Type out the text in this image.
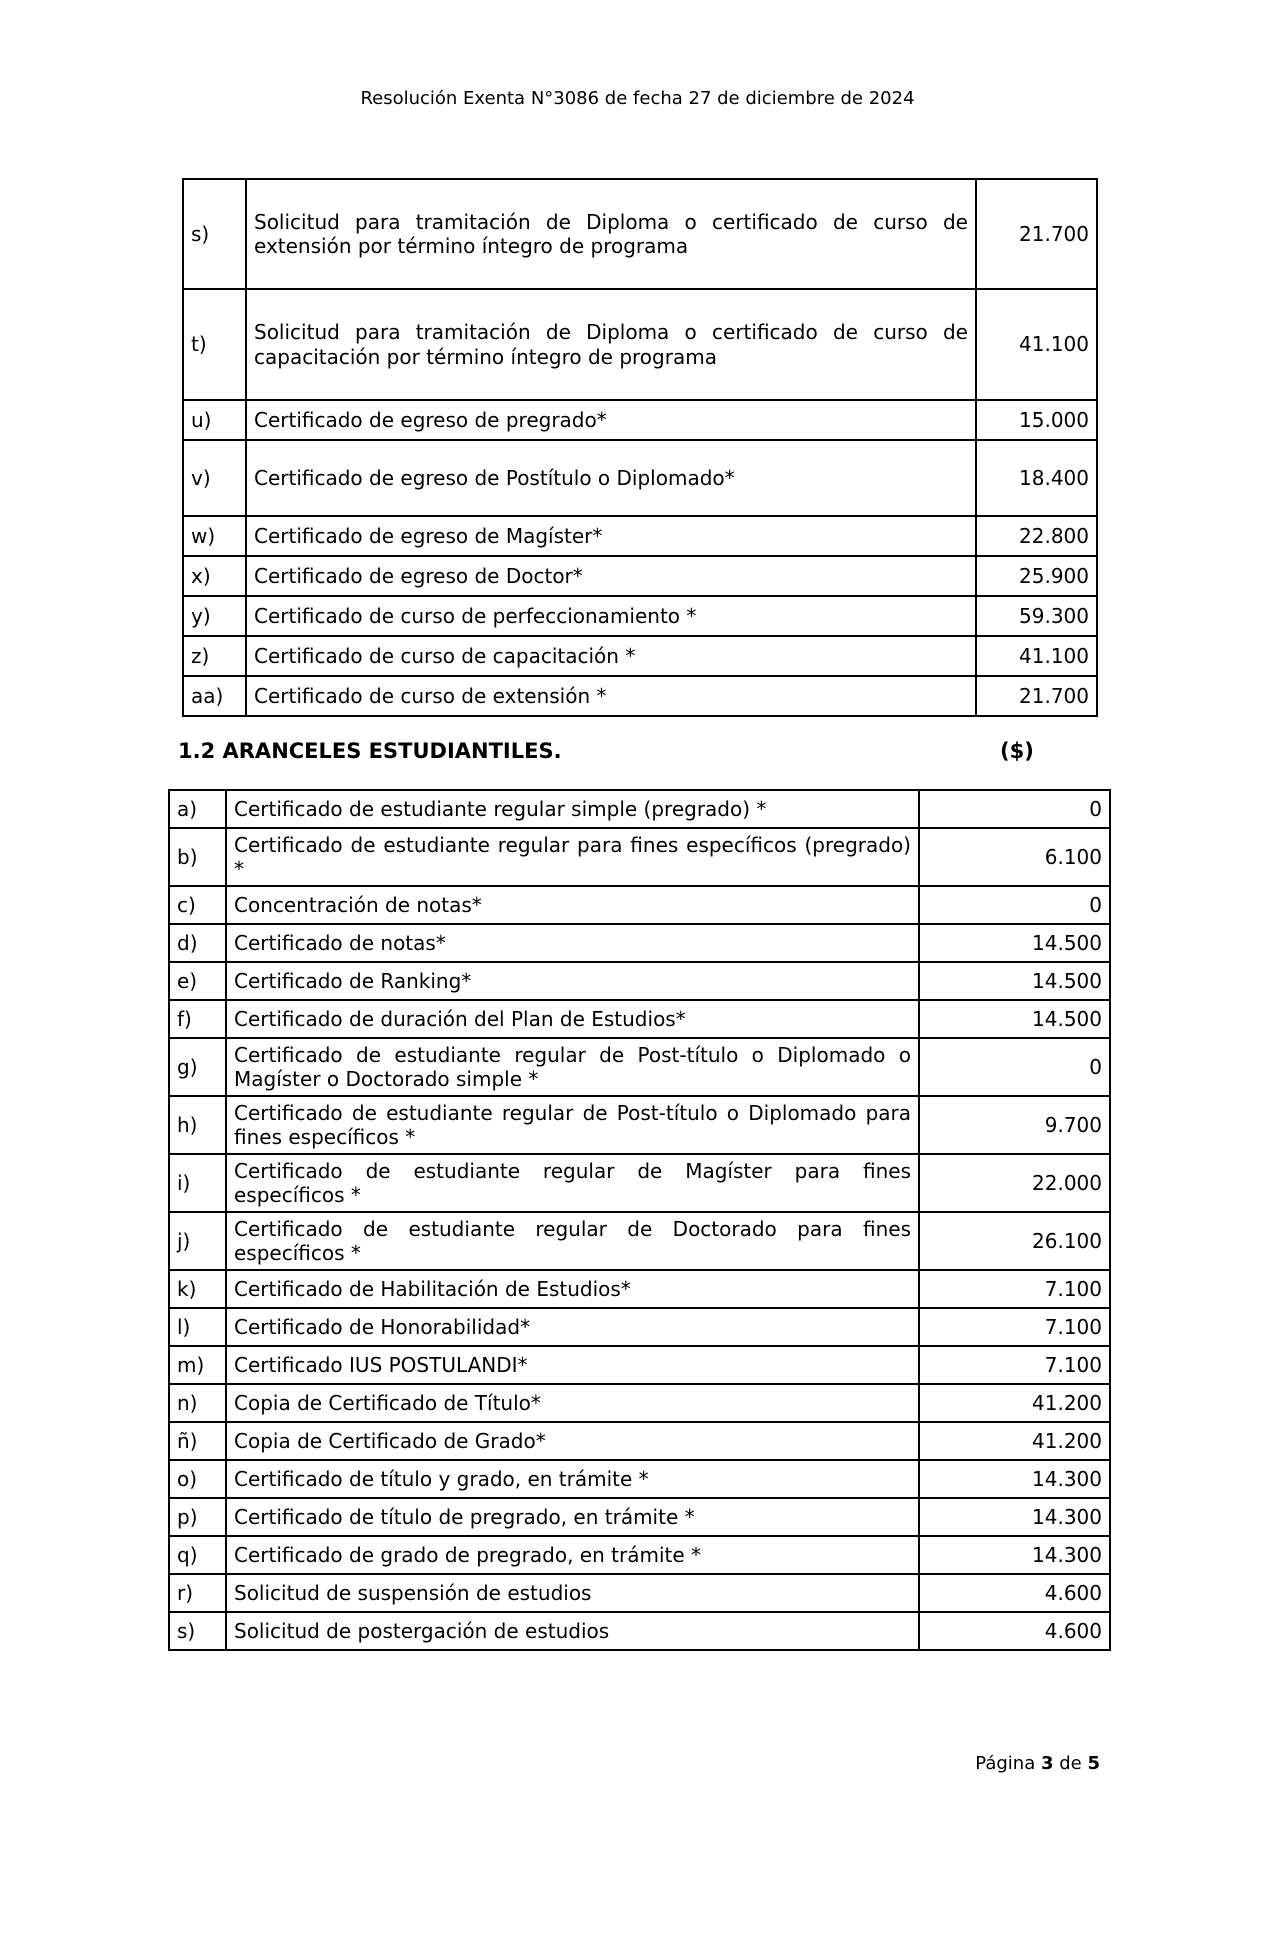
Resolución Exenta N°3086 de fecha 27 de diciembre de 2024
s)	Solicitud para tramitación de Diploma o certificado de curso de extensión por término íntegro de programa	21.700
t)	Solicitud para tramitación de Diploma o certificado de curso de capacitación por término íntegro de programa	41.100
u)	Certificado de egreso de pregrado*	15.000
v)	Certificado de egreso de Postítulo o Diplomado*	18.400
w)	Certificado de egreso de Magíster*	22.800
x)	Certificado de egreso de Doctor*	25.900
y)	Certificado de curso de perfeccionamiento *	59.300
z)	Certificado de curso de capacitación *	41.100
aa)	Certificado de curso de extensión *	21.700
1.2 ARANCELES ESTUDIANTILES.	($)
a)	Certificado de estudiante regular simple (pregrado) *	0
b)	Certificado de estudiante regular para fines específicos (pregrado) *	6.100
c)	Concentración de notas*	0
d)	Certificado de notas*	14.500
e)	Certificado de Ranking*	14.500
f)	Certificado de duración del Plan de Estudios*	14.500
g)	Certificado de estudiante regular de Post-título o Diplomado o Magíster o Doctorado simple *	0
h)	Certificado de estudiante regular de Post-título o Diplomado para fines específicos *	9.700
i)	Certificado de estudiante regular de Magíster para fines específicos *	22.000
j)	Certificado de estudiante regular de Doctorado para fines específicos *	26.100
k)	Certificado de Habilitación de Estudios*	7.100
l)	Certificado de Honorabilidad*	7.100
m)	Certificado IUS POSTULANDI*	7.100
n)	Copia de Certificado de Título*	41.200
ñ)	Copia de Certificado de Grado*	41.200
o)	Certificado de título y grado, en trámite *	14.300
p)	Certificado de título de pregrado, en trámite *	14.300
q)	Certificado de grado de pregrado, en trámite *	14.300
r)	Solicitud de suspensión de estudios	4.600
s)	Solicitud de postergación de estudios	4.600
Página 3 de 5
